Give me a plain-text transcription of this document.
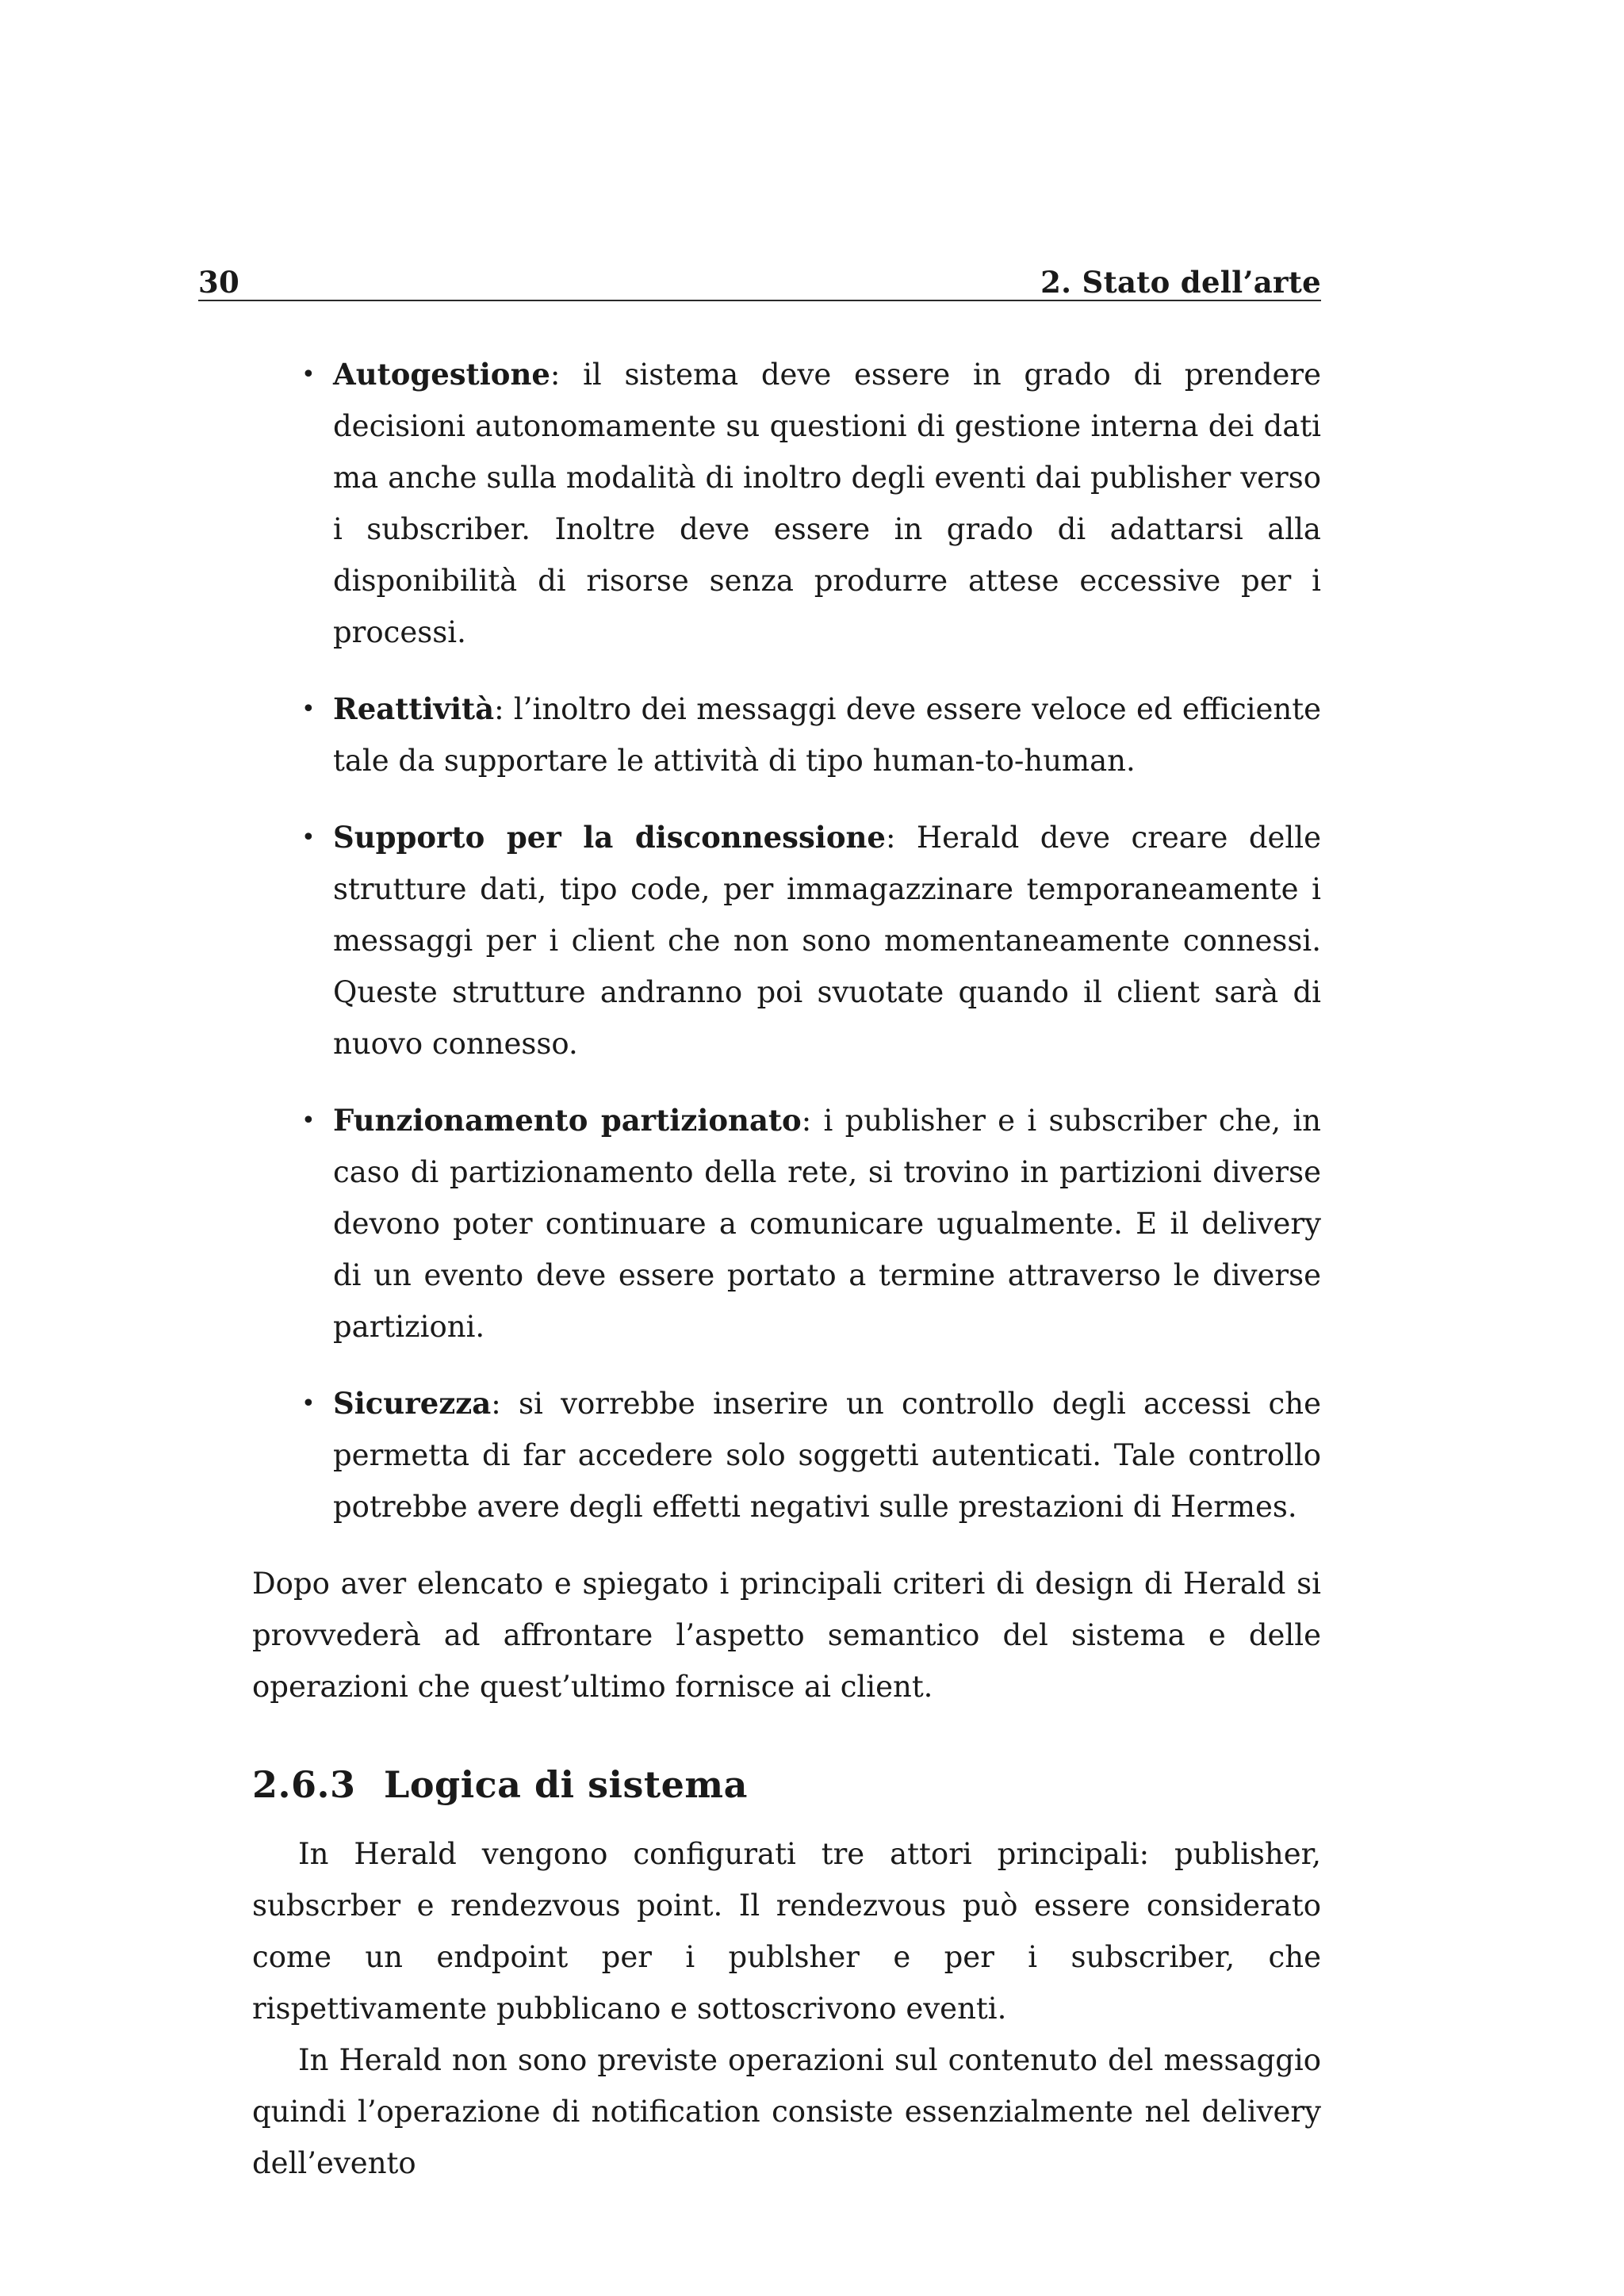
30	2. Stato dell’arte
• Autogestione: il sistema deve essere in grado di prendere decisioni autonomamente su questioni di gestione interna dei dati ma anche sulla modalità di inoltro degli eventi dai publisher verso i subscriber. Inoltre deve essere in grado di adattarsi alla disponibilità di risorse senza produrre attese eccessive per i processi.
• Reattività: l’inoltro dei messaggi deve essere veloce ed efficiente tale da supportare le attività di tipo human-to-human.
• Supporto per la disconnessione: Herald deve creare delle strutture dati, tipo code, per immagazzinare temporaneamente i messaggi per i client che non sono momentaneamente connessi. Queste strutture andranno poi svuotate quando il client sarà di nuovo connesso.
• Funzionamento partizionato: i publisher e i subscriber che, in caso di partizionamento della rete, si trovino in partizioni diverse devono poter continuare a comunicare ugualmente. E il delivery di un evento deve essere portato a termine attraverso le diverse partizioni.
• Sicurezza: si vorrebbe inserire un controllo degli accessi che permetta di far accedere solo soggetti autenticati. Tale controllo potrebbe avere degli effetti negativi sulle prestazioni di Hermes.

Dopo aver elencato e spiegato i principali criteri di design di Herald si provvederà ad affrontare l’aspetto semantico del sistema e delle operazioni che quest’ultimo fornisce ai client.

2.6.3 Logica di sistema

In Herald vengono configurati tre attori principali: publisher, subscrber e rendezvous point. Il rendezvous può essere considerato come un endpoint per i publsher e per i subscriber, che rispettivamente pubblicano e sottoscrivono eventi.

In Herald non sono previste operazioni sul contenuto del messaggio quindi l’operazione di notification consiste essenzialmente nel delivery dell’evento
